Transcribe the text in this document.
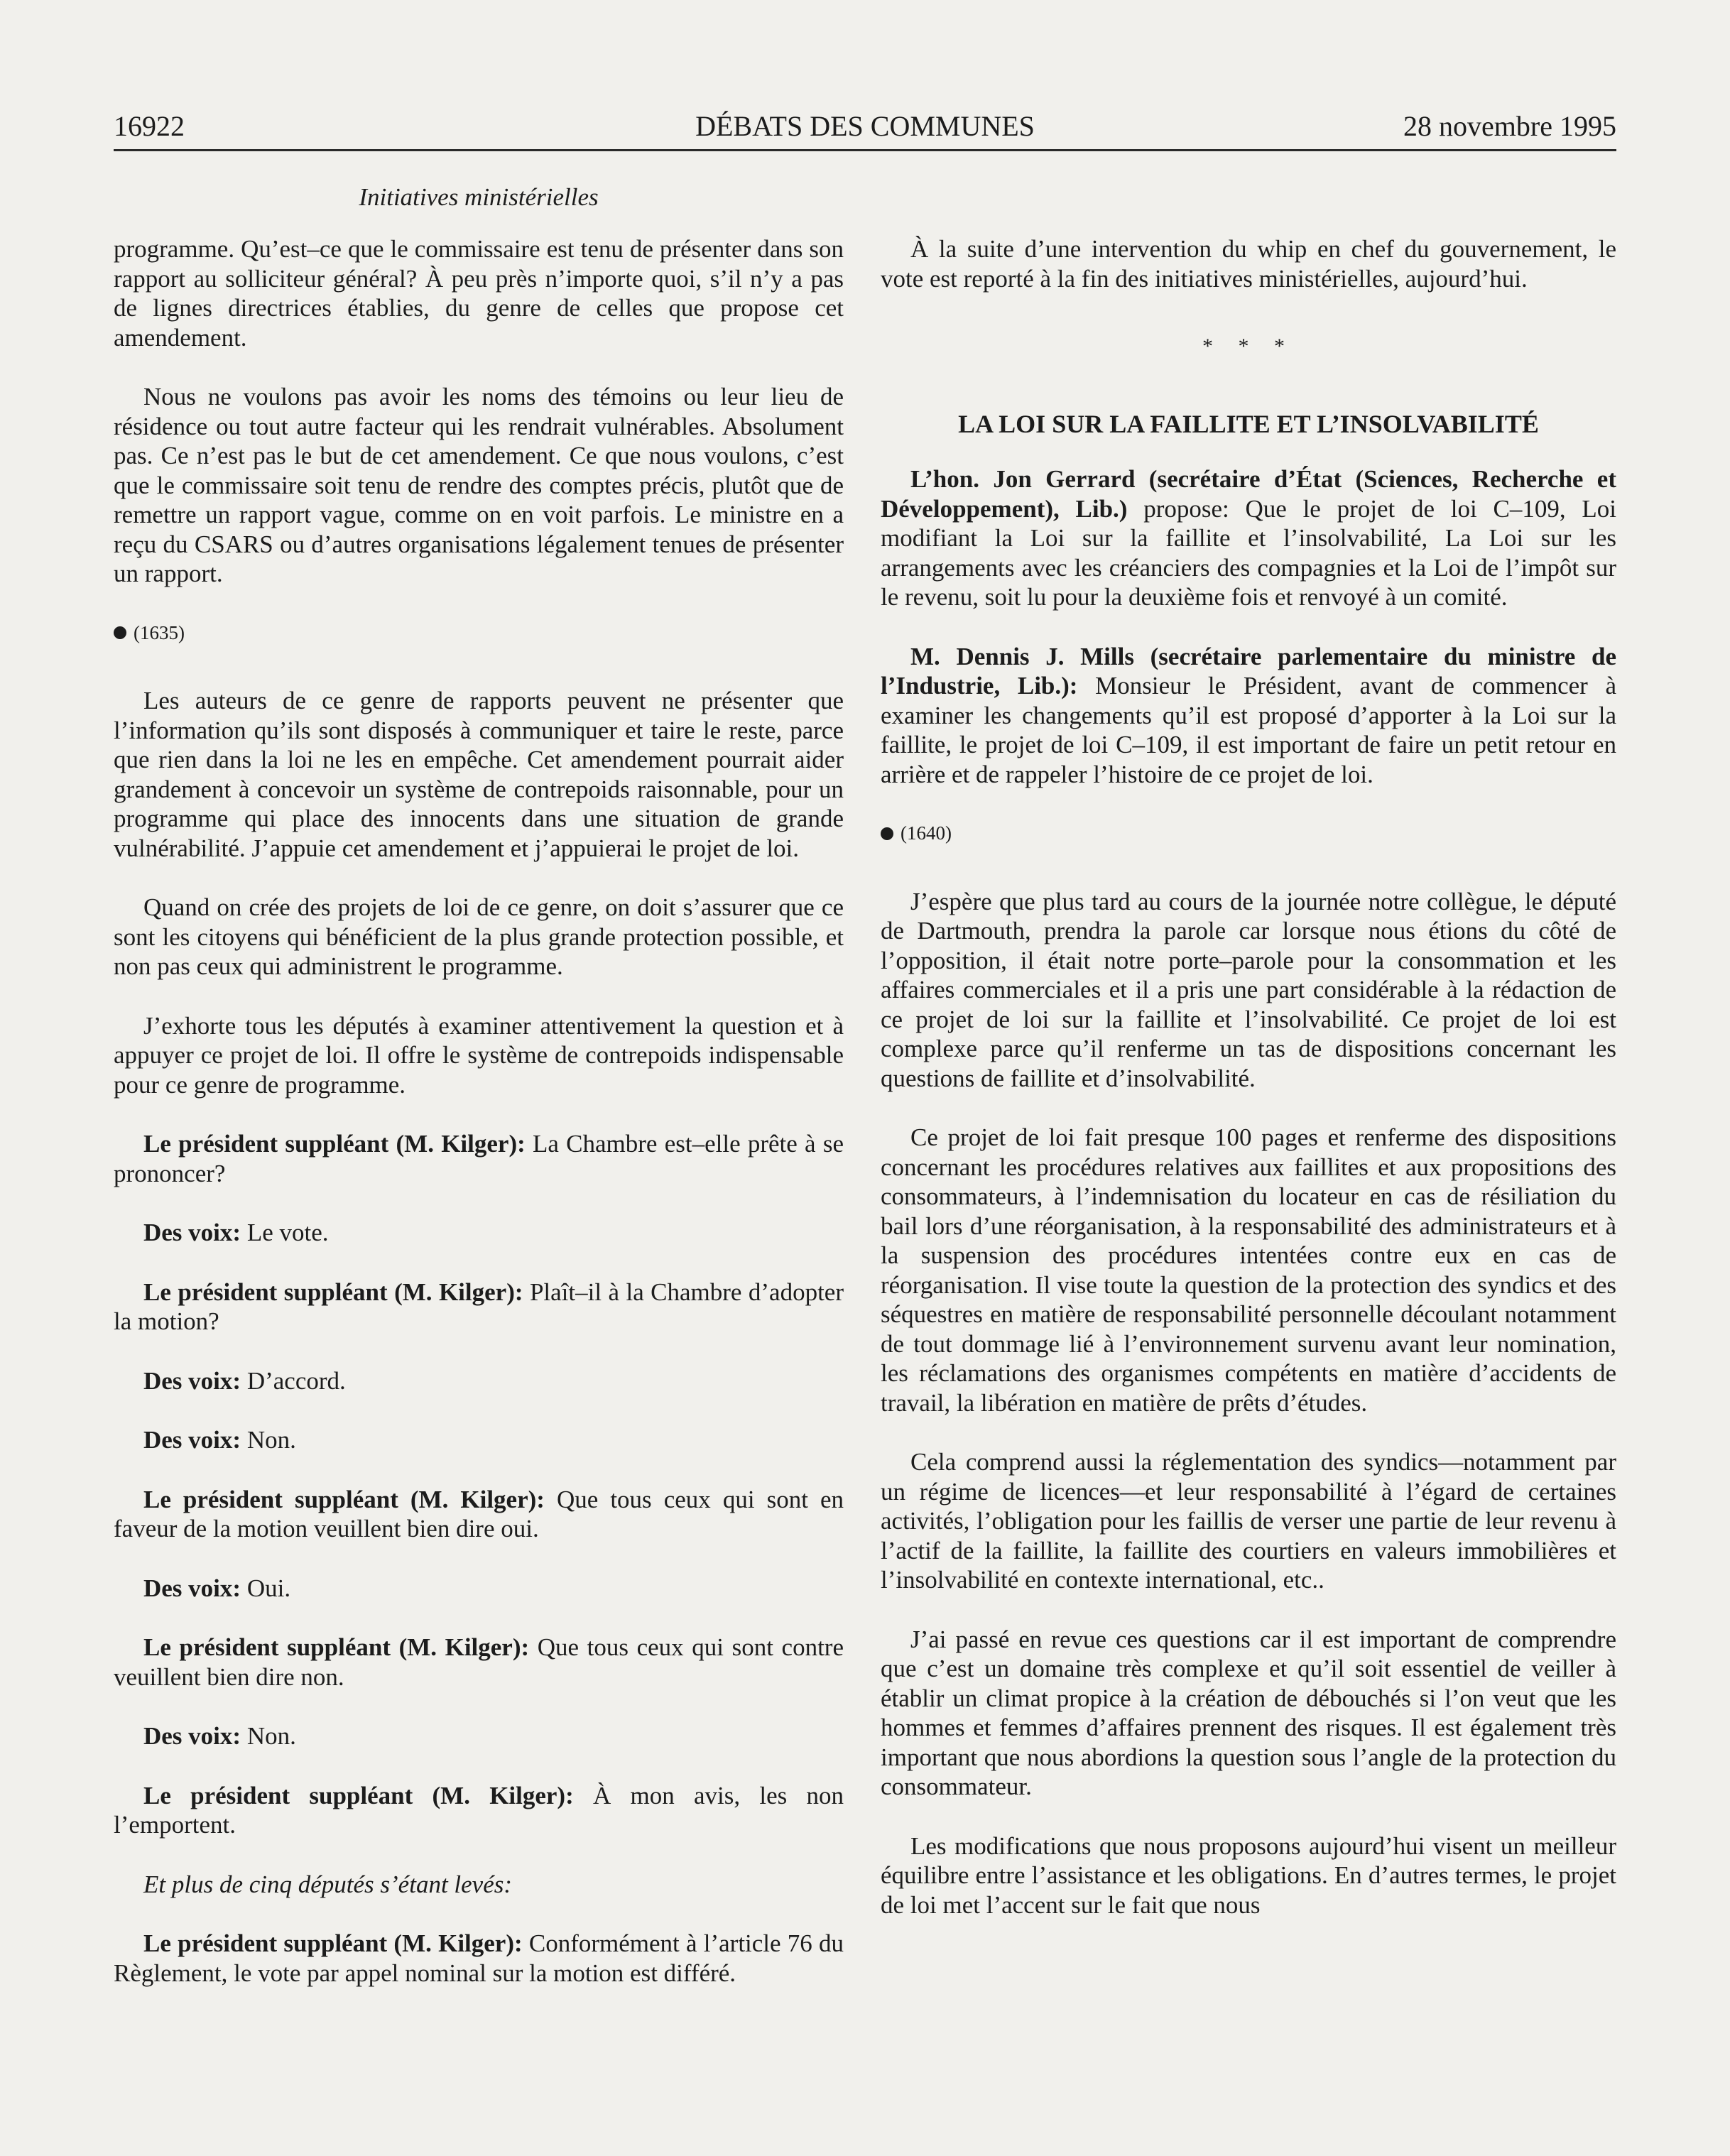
DÉBATS DES COMMUNES
16922	28 novembre 1995
Initiatives ministérielles

programme. Qu’est–ce que le commissaire est tenu de présenter dans son rapport au solliciteur général? À peu près n’importe quoi, s’il n’y a pas de lignes directrices établies, du genre de celles que propose cet amendement.

Nous ne voulons pas avoir les noms des témoins ou leur lieu de résidence ou tout autre facteur qui les rendrait vulnérables. Absolument pas. Ce n’est pas le but de cet amendement. Ce que nous voulons, c’est que le commissaire soit tenu de rendre des comptes précis, plutôt que de remettre un rapport vague, comme on en voit parfois. Le ministre en a reçu du CSARS ou d’autres organisations légalement tenues de présenter un rapport.

(1635)

Les auteurs de ce genre de rapports peuvent ne présenter que l’information qu’ils sont disposés à communiquer et taire le reste, parce que rien dans la loi ne les en empêche. Cet amendement pourrait aider grandement à concevoir un système de contrepoids raisonnable, pour un programme qui place des innocents dans une situation de grande vulnérabilité. J’appuie cet amendement et j’appuierai le projet de loi.

Quand on crée des projets de loi de ce genre, on doit s’assurer que ce sont les citoyens qui bénéficient de la plus grande protection possible, et non pas ceux qui administrent le programme.

J’exhorte tous les députés à examiner attentivement la question et à appuyer ce projet de loi. Il offre le système de contrepoids indispensable pour ce genre de programme.

Le président suppléant (M. Kilger): La Chambre est–elle prête à se prononcer?

Des voix: Le vote.

Le président suppléant (M. Kilger): Plaît–il à la Chambre d’adopter la motion?

Des voix: D’accord.

Des voix: Non.

Le président suppléant (M. Kilger): Que tous ceux qui sont en faveur de la motion veuillent bien dire oui.

Des voix: Oui.

Le président suppléant (M. Kilger): Que tous ceux qui sont contre veuillent bien dire non.

Des voix: Non.

Le président suppléant (M. Kilger): À mon avis, les non l’emportent.

Et plus de cinq députés s’étant levés:

Le président suppléant (M. Kilger): Conformément à l’article 76 du Règlement, le vote par appel nominal sur la motion est différé.

À la suite d’une intervention du whip en chef du gouvernement, le vote est reporté à la fin des initiatives ministérielles, aujourd’hui.

* * *
LA LOI SUR LA FAILLITE ET L’INSOLVABILITÉ

L’hon. Jon Gerrard (secrétaire d’État (Sciences, Recherche et Développement), Lib.) propose: Que le projet de loi C–109, Loi modifiant la Loi sur la faillite et l’insolvabilité, La Loi sur les arrangements avec les créanciers des compagnies et la Loi de l’impôt sur le revenu, soit lu pour la deuxième fois et renvoyé à un comité.

M. Dennis J. Mills (secrétaire parlementaire du ministre de l’Industrie, Lib.): Monsieur le Président, avant de commencer à examiner les changements qu’il est proposé d’apporter à la Loi sur la faillite, le projet de loi C–109, il est important de faire un petit retour en arrière et de rappeler l’histoire de ce projet de loi.

(1640)

J’espère que plus tard au cours de la journée notre collègue, le député de Dartmouth, prendra la parole car lorsque nous étions du côté de l’opposition, il était notre porte–parole pour la consommation et les affaires commerciales et il a pris une part considérable à la rédaction de ce projet de loi sur la faillite et l’insolvabilité. Ce projet de loi est complexe parce qu’il renferme un tas de dispositions concernant les questions de faillite et d’insolvabilité.

Ce projet de loi fait presque 100 pages et renferme des dispositions concernant les procédures relatives aux faillites et aux propositions des consommateurs, à l’indemnisation du locateur en cas de résiliation du bail lors d’une réorganisation, à la responsabilité des administrateurs et à la suspension des procédures intentées contre eux en cas de réorganisation. Il vise toute la question de la protection des syndics et des séquestres en matière de responsabilité personnelle découlant notamment de tout dommage lié à l’environnement survenu avant leur nomination, les réclamations des organismes compétents en matière d’accidents de travail, la libération en matière de prêts d’études.

Cela comprend aussi la réglementation des syndics—notamment par un régime de licences—et leur responsabilité à l’égard de certaines activités, l’obligation pour les faillis de verser une partie de leur revenu à l’actif de la faillite, la faillite des courtiers en valeurs immobilières et l’insolvabilité en contexte international, etc..

J’ai passé en revue ces questions car il est important de comprendre que c’est un domaine très complexe et qu’il soit essentiel de veiller à établir un climat propice à la création de débouchés si l’on veut que les hommes et femmes d’affaires prennent des risques. Il est également très important que nous abordions la question sous l’angle de la protection du consommateur.

Les modifications que nous proposons aujourd’hui visent un meilleur équilibre entre l’assistance et les obligations. En d’autres termes, le projet de loi met l’accent sur le fait que nous
